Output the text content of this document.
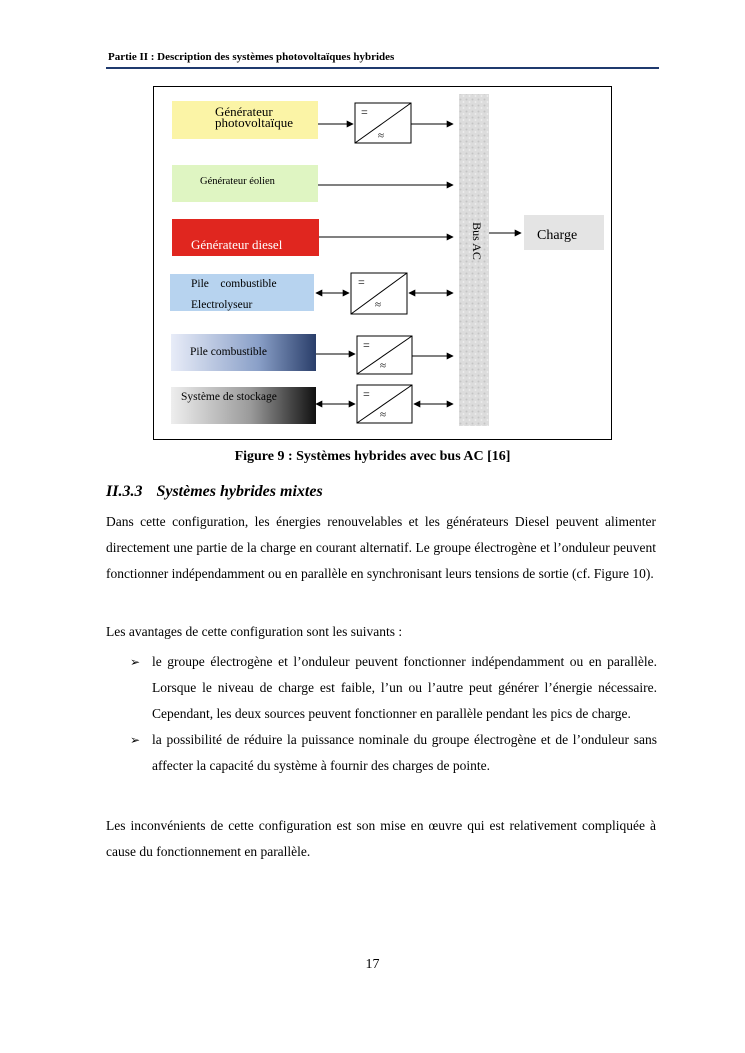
Partie II : Description des systèmes photovoltaïques hybrides
Bus AC
Générateur
photovoltaïque
=
≈
Générateur éolien
Générateur diesel
Charge
Pile    combustible
Electrolyseur
=
≈
Pile combustible	=
≈
Système de stockage	=
≈
Figure 9 : Systèmes hybrides avec bus AC [16]
II.3.3 Systèmes hybrides mixtes
Dans cette configuration, les énergies renouvelables et les générateurs Diesel peuvent alimenter directement une partie de la charge en courant alternatif. Le groupe électrogène et l’onduleur peuvent fonctionner indépendamment ou en parallèle en synchronisant leurs tensions de sortie (cf. Figure 10).
Les avantages de cette configuration sont les suivants :
➢ le groupe électrogène et l’onduleur peuvent fonctionner indépendamment ou en parallèle. Lorsque le niveau de charge est faible, l’un ou l’autre peut générer l’énergie nécessaire. Cependant, les deux sources peuvent fonctionner en parallèle pendant les pics de charge.
➢ la possibilité de réduire la puissance nominale du groupe électrogène et de l’onduleur sans affecter la capacité du système à fournir des charges de pointe.
Les inconvénients de cette configuration est son mise en œuvre qui est relativement compliquée à cause du fonctionnement en parallèle.
17
